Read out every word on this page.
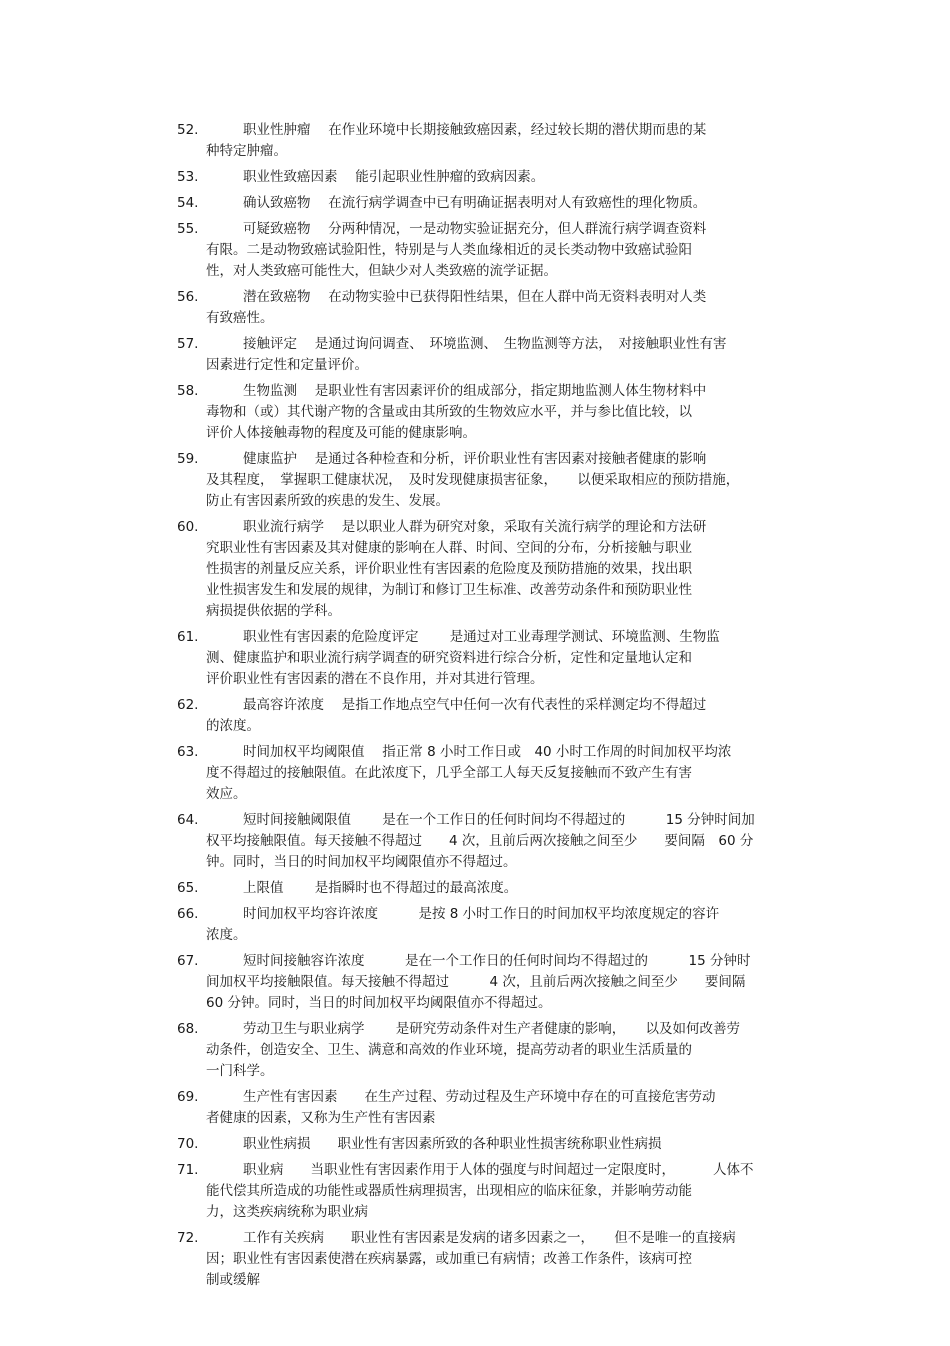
52.	职业性肿瘤　 在作业环境中长期接触致癌因素，经过较长期的潜伏期而患的某
种特定肿瘤。
53.	职业性致癌因素　 能引起职业性肿瘤的致病因素。
54.	确认致癌物　 在流行病学调查中已有明确证据表明对人有致癌性的理化物质。
55.	可疑致癌物　 分两种情况，一是动物实验证据充分，但人群流行病学调查资料
有限。二是动物致癌试验阳性，特别是与人类血缘相近的灵长类动物中致癌试验阳
性，对人类致癌可能性大，但缺少对人类致癌的流学证据。
56.	潜在致癌物　 在动物实验中已获得阳性结果，但在人群中尚无资料表明对人类
有致癌性。
57.	接触评定　 是通过询问调查、　环境监测、　生物监测等方法，　对接触职业性有害
因素进行定性和定量评价。
58.	生物监测　 是职业性有害因素评价的组成部分，指定期地监测人体生物材料中
毒物和（或）其代谢产物的含量或由其所致的生物效应水平，并与参比值比较，以
评价人体接触毒物的程度及可能的健康影响。
59.	健康监护　 是通过各种检查和分析，评价职业性有害因素对接触者健康的影响
及其程度，　掌握职工健康状况，　及时发现健康损害征象，　　以便采取相应的预防措施，
防止有害因素所致的疾患的发生、发展。
60.	职业流行病学　 是以职业人群为研究对象，采取有关流行病学的理论和方法研
究职业性有害因素及其对健康的影响在人群、时间、空间的分布，分析接触与职业
性损害的剂量反应关系，评价职业性有害因素的危险度及预防措施的效果，找出职
业性损害发生和发展的规律，为制订和修订卫生标准、改善劳动条件和预防职业性
病损提供依据的学科。
61.	职业性有害因素的危险度评定　　 是通过对工业毒理学测试、环境监测、生物监
测、健康监护和职业流行病学调查的研究资料进行综合分析，定性和定量地认定和
评价职业性有害因素的潜在不良作用，并对其进行管理。
62.	最高容许浓度　 是指工作地点空气中任何一次有代表性的采样测定均不得超过
的浓度。
63.	时间加权平均阈限值　 指正常 8 小时工作日或　40 小时工作周的时间加权平均浓
度不得超过的接触限值。在此浓度下，几乎全部工人每天反复接触而不致产生有害
效应。
64.	短时间接触阈限值　　 是在一个工作日的任何时间均不得超过的　　　15 分钟时间加
权平均接触限值。每天接触不得超过　　4 次，且前后两次接触之间至少　　要间隔　60 分
钟。同时，当日的时间加权平均阈限值亦不得超过。
65.	上限值　　 是指瞬时也不得超过的最高浓度。
66.	时间加权平均容许浓度　　　是按 8 小时工作日的时间加权平均浓度规定的容许
浓度。
67.	短时间接触容许浓度　　　是在一个工作日的任何时间均不得超过的　　　15 分钟时
间加权平均接触限值。每天接触不得超过　　　4 次，且前后两次接触之间至少　　要间隔
60 分钟。同时，当日的时间加权平均阈限值亦不得超过。
68.	劳动卫生与职业病学　　 是研究劳动条件对生产者健康的影响，　　以及如何改善劳
动条件，创造安全、卫生、满意和高效的作业环境，提高劳动者的职业生活质量的
一门科学。
69.	生产性有害因素　　在生产过程、劳动过程及生产环境中存在的可直接危害劳动
者健康的因素，又称为生产性有害因素
70.	职业性病损　　职业性有害因素所致的各种职业性损害统称职业性病损
71.	职业病　　当职业性有害因素作用于人体的强度与时间超过一定限度时，　　　 人体不
能代偿其所造成的功能性或器质性病理损害，出现相应的临床征象，并影响劳动能
力，这类疾病统称为职业病
72.	工作有关疾病　　职业性有害因素是发病的诸多因素之一，　　但不是唯一的直接病
因；职业性有害因素使潜在疾病暴露，或加重已有病情；改善工作条件，该病可控
制或缓解
